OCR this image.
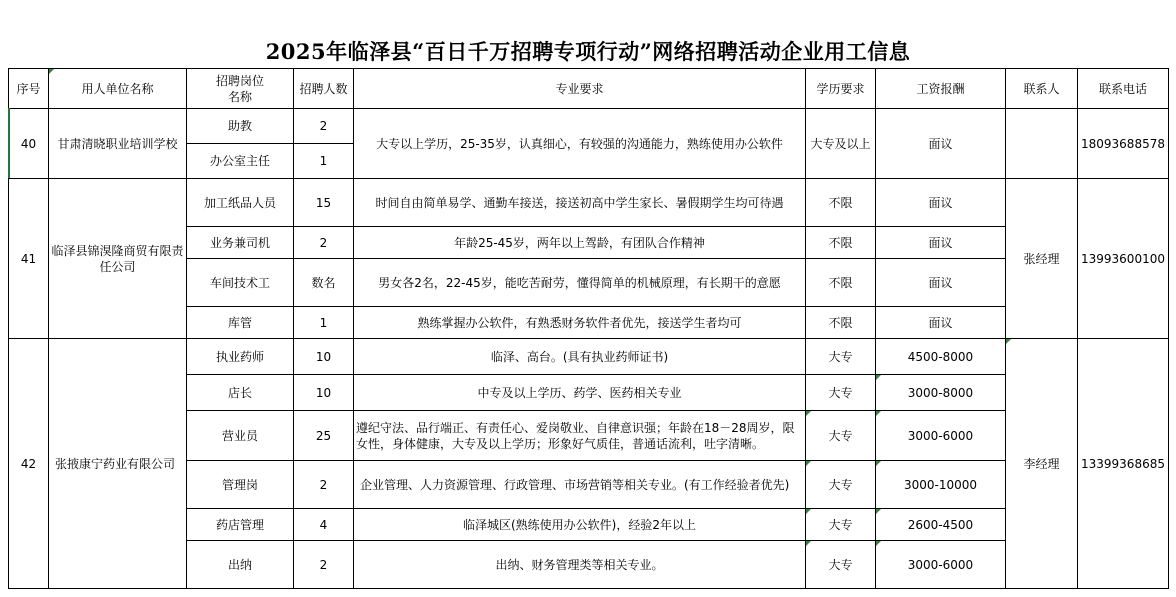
2025年临泽县“百日千万招聘专项行动”网络招聘活动企业用工信息
序号	用人单位名称	招聘岗位名称	招聘人数	专业要求	学历要求	工资报酬	联系人	联系电话
40	甘肃清晓职业培训学校	助教	2	大专以上学历，25-35岁，认真细心，有较强的沟通能力，熟练使用办公软件	大专及以上	面议		18093688578
		办公室主任	1					
41	临泽县锦湨隆商贸有限责任公司	加工纸品人员	15	时间自由简单易学、通勤车接送，接送初高中学生家长、暑假期学生均可待遇	不限	面议	张经理	13993600100
		业务兼司机	2	年龄25-45岁，两年以上驾龄，有团队合作精神	不限	面议		
		车间技术工	数名	男女各2名，22-45岁，能吃苦耐劳，懂得简单的机械原理，有长期干的意愿	不限	面议		
		库管	1	熟练掌握办公软件，有熟悉财务软件者优先，接送学生者均可	不限	面议		
42	张掖康宁药业有限公司	执业药师	10	临泽、高台。(具有执业药师证书)	大专	4500-8000	李经理	13399368685
		店长	10	中专及以上学历、药学、医药相关专业	大专	3000-8000		
		营业员	25	遵纪守法、品行端正、有责任心、爱岗敬业、自律意识强；年龄在18－28周岁，限女性，身体健康，大专及以上学历；形象好气质佳，普通话流利，吐字清晰。	大专	3000-6000		
		管理岗	2	企业管理、人力资源管理、行政管理、市场营销等相关专业。(有工作经验者优先)	大专	3000-10000		
		药店管理	4	临泽城区(熟练使用办公软件)，经验2年以上	大专	2600-4500		
		出纳	2	出纳、财务管理类等相关专业。	大专	3000-6000		
